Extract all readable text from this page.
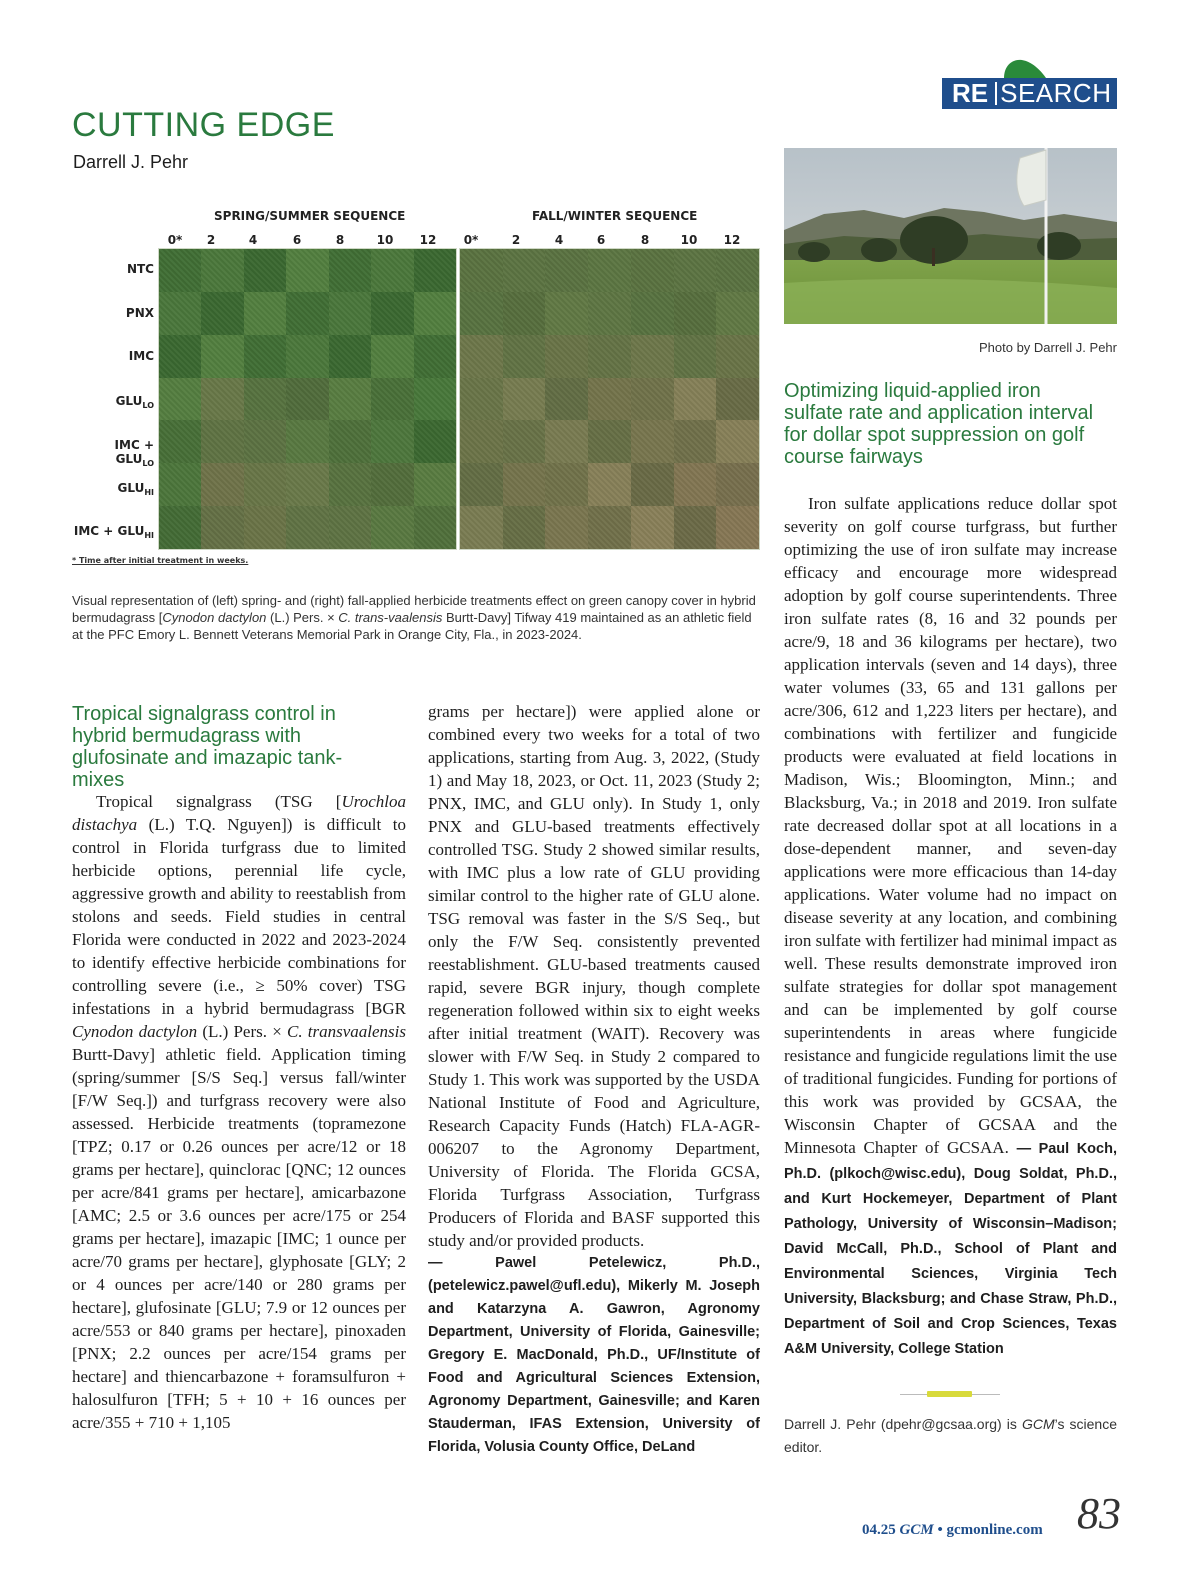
CUTTING EDGE
Darrell J. Pehr
RE SEARCH
SPRING/SUMMER SEQUENCE	FALL/WINTER SEQUENCE
0*	2	4	6	8	10	12	0*	2	4	6	8	10	12
NTC
PNX
IMC
$GLU_{LO}$
IMC + $GLU_{LO}$
$GLU_{HI}$
IMC + $GLU_{HI}$
* Time after initial treatment in weeks.
Visual representation of (left) spring- and (right) fall-applied herbicide treatments effect on green canopy cover in hybrid bermudagrass [Cynodon dactylon (L.) Pers. × C. trans-vaalensis Burtt-Davy] Tifway 419 maintained as an athletic field at the PFC Emory L. Bennett Veterans Memorial Park in Orange City, Fla., in 2023-2024.
Photo by Darrell J. Pehr
Tropical signalgrass control in hybrid bermudagrass with glufosinate and imazapic tank-mixes

Tropical signalgrass (TSG [Urochloa distachya (L.) T.Q. Nguyen]) is difficult to control in Florida turfgrass due to limited herbicide options, perennial life cycle, aggressive growth and ability to reestablish from stolons and seeds. Field studies in central Florida were conducted in 2022 and 2023-2024 to identify effective herbicide combinations for controlling severe (i.e., ≥ 50% cover) TSG infestations in a hybrid bermudagrass [BGR Cynodon dactylon (L.) Pers. × C. transvaalensis Burtt-Davy] athletic field. Application timing (spring/summer [S/S Seq.] versus fall/winter [F/W Seq.]) and turfgrass recovery were also assessed. Herbicide treatments (topramezone [TPZ; 0.17 or 0.26 ounces per acre/12 or 18 grams per hectare], quinclorac [QNC; 12 ounces per acre/841 grams per hectare], amicarbazone [AMC; 2.5 or 3.6 ounces per acre/175 or 254 grams per hectare], imazapic [IMC; 1 ounce per acre/70 grams per hectare], glyphosate [GLY; 2 or 4 ounces per acre/140 or 280 grams per hectare], glufosinate [GLU; 7.9 or 12 ounces per acre/553 or 840 grams per hectare], pinoxaden [PNX; 2.2 ounces per acre/154 grams per hectare] and thiencarbazone + foramsulfuron + halosulfuron [TFH; 5 + 10 + 16 ounces per acre/355 + 710 + 1,105

grams per hectare]) were applied alone or combined every two weeks for a total of two applications, starting from Aug. 3, 2022, (Study 1) and May 18, 2023, or Oct. 11, 2023 (Study 2; PNX, IMC, and GLU only). In Study 1, only PNX and GLU-based treatments effectively controlled TSG. Study 2 showed similar results, with IMC plus a low rate of GLU providing similar control to the higher rate of GLU alone. TSG removal was faster in the S/S Seq., but only the F/W Seq. consistently prevented reestablishment. GLU-based treatments caused rapid, severe BGR injury, though complete regeneration followed within six to eight weeks after initial treatment (WAIT). Recovery was slower with F/W Seq. in Study 2 compared to Study 1. This work was supported by the USDA National Institute of Food and Agriculture, Research Capacity Funds (Hatch) FLA-AGR-006207 to the Agronomy Department, University of Florida. The Florida GCSA, Florida Turfgrass Association, Turfgrass Producers of Florida and BASF supported this study and/or provided products.
— Pawel Petelewicz, Ph.D., (petelewicz.pawel@ufl.edu), Mikerly M. Joseph and Katarzyna A. Gawron, Agronomy Department, University of Florida, Gainesville; Gregory E. MacDonald, Ph.D., UF/Institute of Food and Agricultural Sciences Extension, Agronomy Department, Gainesville; and Karen Stauderman, IFAS Extension, University of Florida, Volusia County Office, DeLand
Optimizing liquid-applied iron sulfate rate and application interval for dollar spot suppression on golf course fairways

Iron sulfate applications reduce dollar spot severity on golf course turfgrass, but further optimizing the use of iron sulfate may increase efficacy and encourage more widespread adoption by golf course superintendents. Three iron sulfate rates (8, 16 and 32 pounds per acre/9, 18 and 36 kilograms per hectare), two application intervals (seven and 14 days), three water volumes (33, 65 and 131 gallons per acre/306, 612 and 1,223 liters per hectare), and combinations with fertilizer and fungicide products were evaluated at field locations in Madison, Wis.; Bloomington, Minn.; and Blacksburg, Va.; in 2018 and 2019. Iron sulfate rate decreased dollar spot at all locations in a dose-dependent manner, and seven-day applications were more efficacious than 14-day applications. Water volume had no impact on disease severity at any location, and combining iron sulfate with fertilizer had minimal impact as well. These results demonstrate improved iron sulfate strategies for dollar spot management and can be implemented by golf course superintendents in areas where fungicide resistance and fungicide regulations limit the use of traditional fungicides. Funding for portions of this work was provided by GCSAA, the Wisconsin Chapter of GCSAA and the Minnesota Chapter of GCSAA. — Paul Koch, Ph.D. (plkoch@wisc.edu), Doug Soldat, Ph.D., and Kurt Hockemeyer, Department of Plant Pathology, University of Wisconsin–Madison; David McCall, Ph.D., School of Plant and Environmental Sciences, Virginia Tech University, Blacksburg; and Chase Straw, Ph.D., Department of Soil and Crop Sciences, Texas A&M University, College Station

Darrell J. Pehr (dpehr@gcsaa.org) is GCM’s science editor.
04.25 GCM • gcmonline.com 83
